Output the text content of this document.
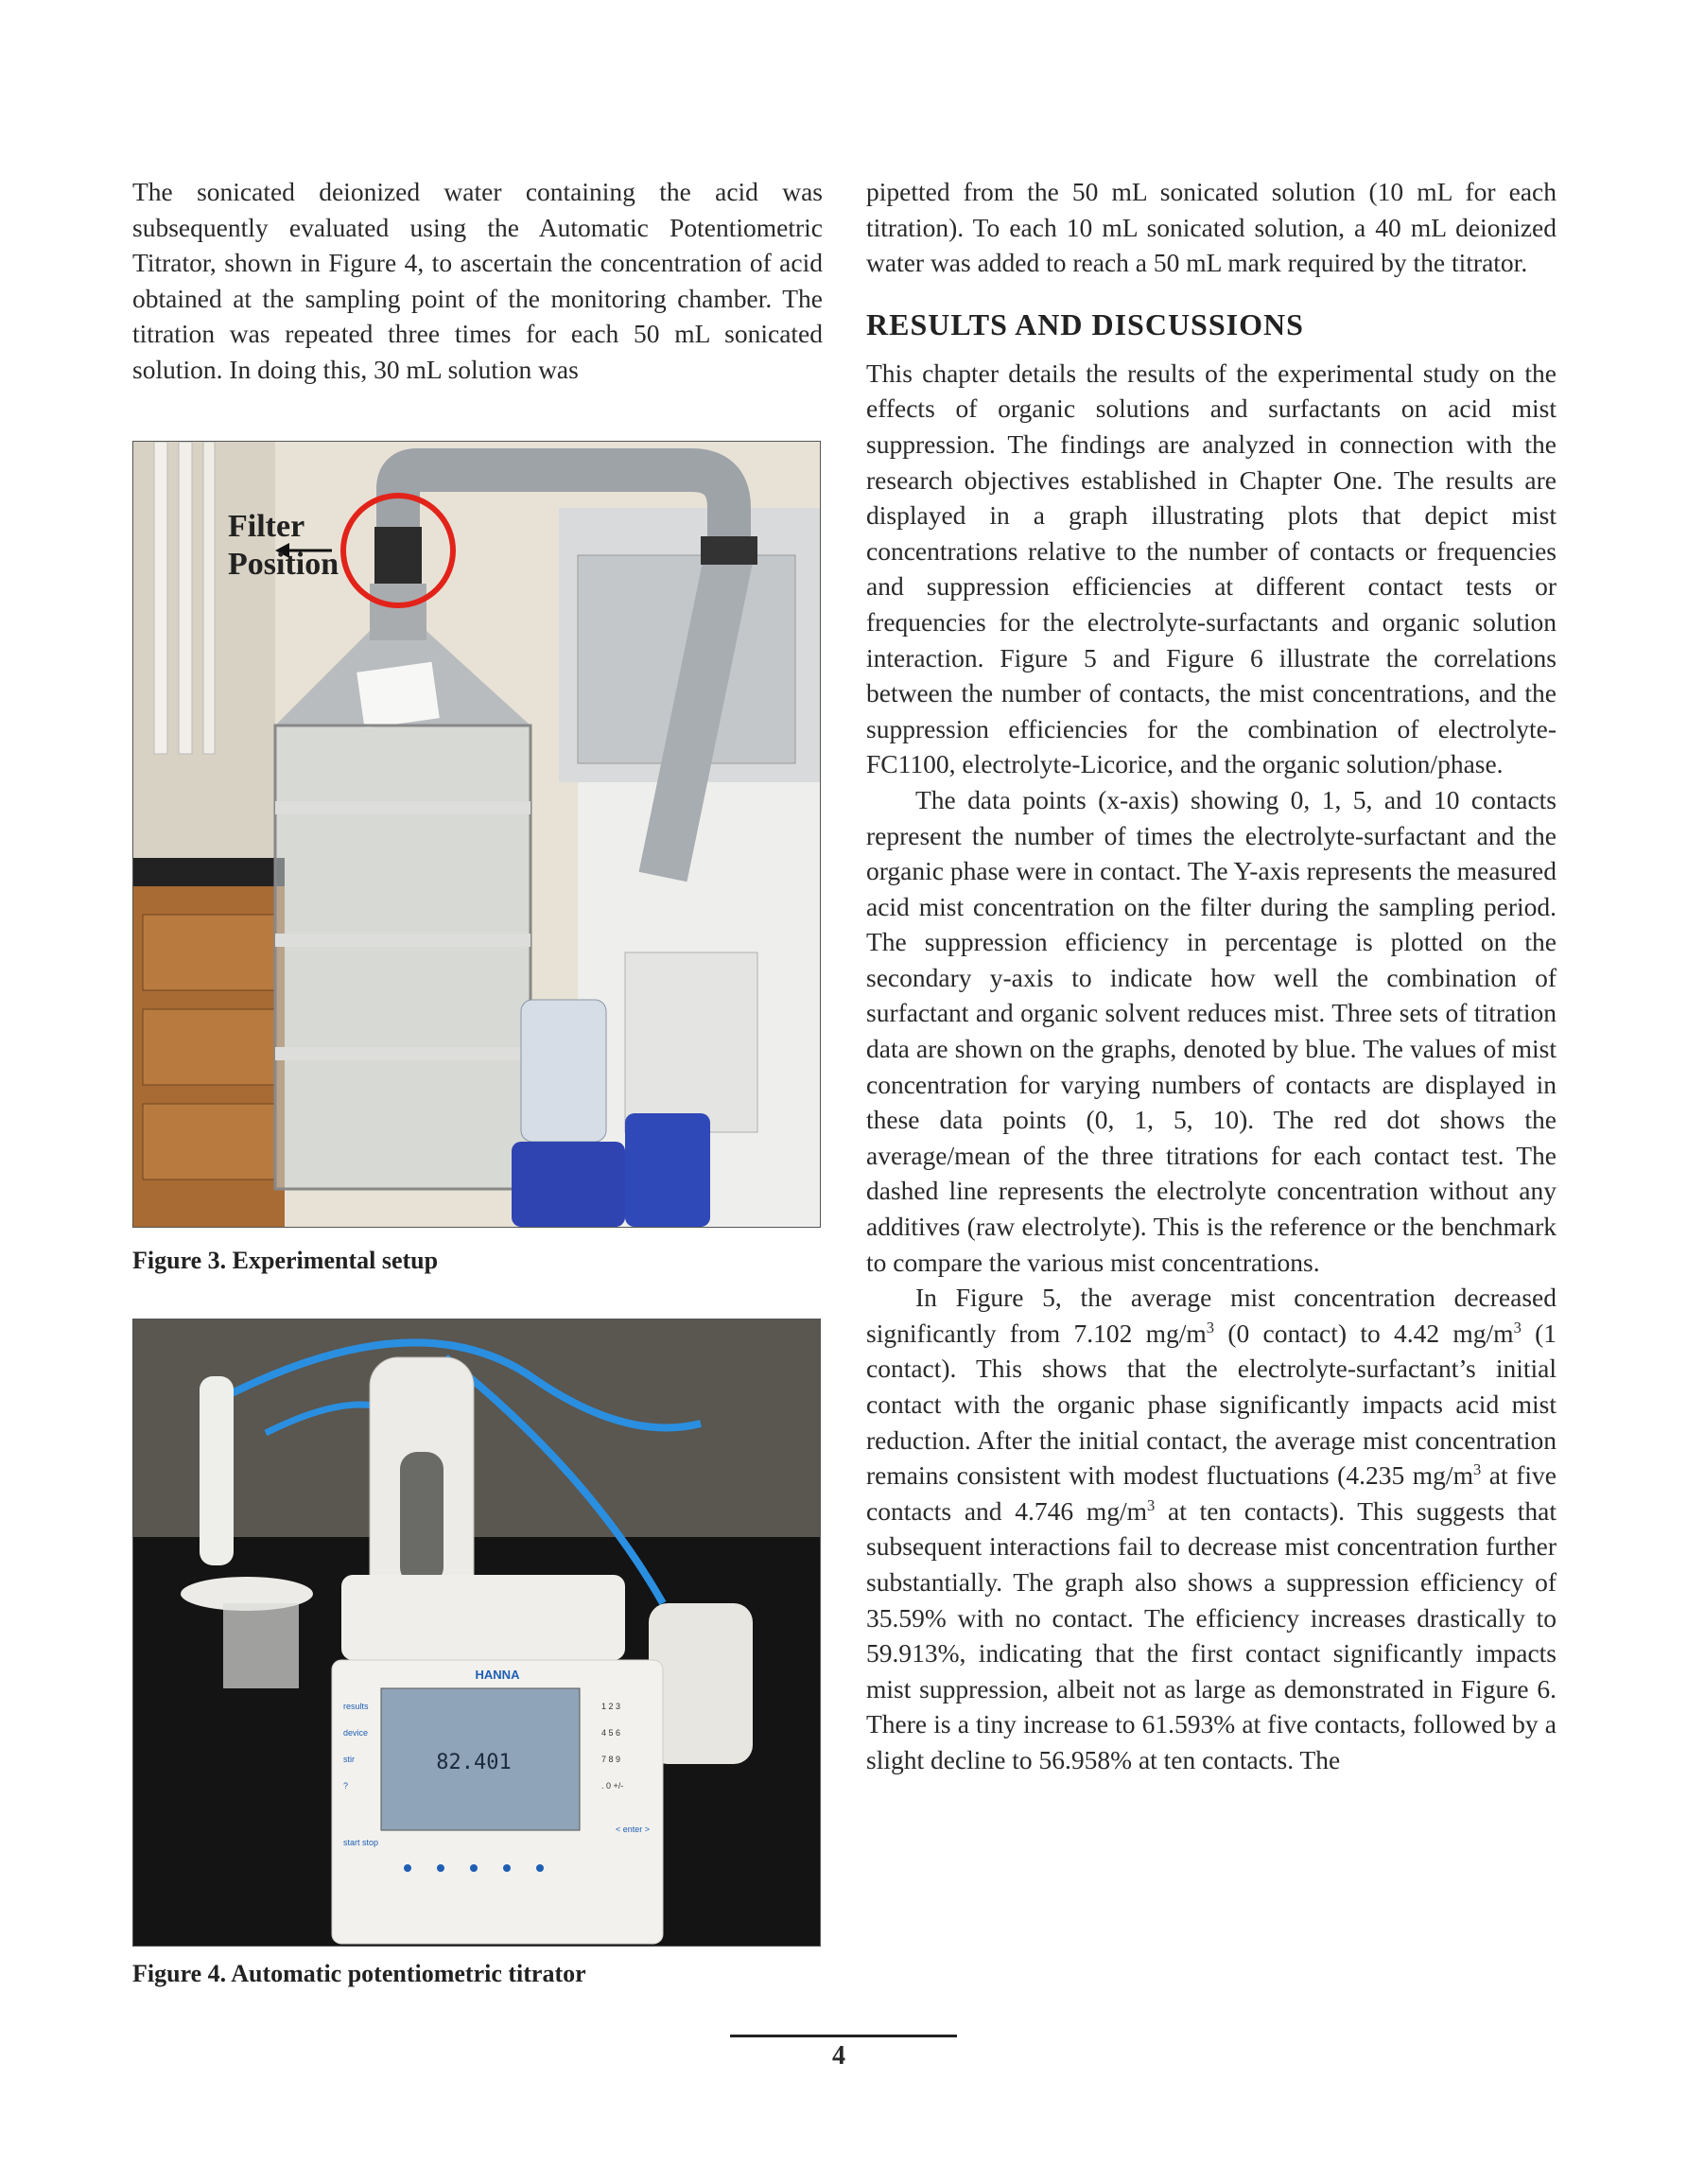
The sonicated deionized water containing the acid was subsequently evaluated using the Automatic Potentiometric Titrator, shown in Figure 4, to ascertain the concentration of acid obtained at the sampling point of the monitoring chamber. The titration was repeated three times for each 50 mL sonicated solution. In doing this, 30 mL solution was

Filter
Position
Figure 3. Experimental setup
HANNA
82.401
results
device
stir
?
start stop
< enter >
1 2 3
4 5 6
7 8 9
. 0 +/-
Figure 4. Automatic potentiometric titrator

pipetted from the 50 mL sonicated solution (10 mL for each titration). To each 10 mL sonicated solution, a 40 mL deionized water was added to reach a 50 mL mark required by the titrator.

RESULTS AND DISCUSSIONS

This chapter details the results of the experimental study on the effects of organic solutions and surfactants on acid mist suppression. The findings are analyzed in connection with the research objectives established in Chapter One. The results are displayed in a graph illustrating plots that depict mist concentrations relative to the number of contacts or frequencies and suppression efficiencies at different contact tests or frequencies for the electrolyte-surfactants and organic solution interaction. Figure 5 and Figure 6 illustrate the correlations between the number of contacts, the mist concentrations, and the suppression efficiencies for the combination of electrolyte-FC1100, electrolyte-Licorice, and the organic solution/phase.

The data points (x-axis) showing 0, 1, 5, and 10 contacts represent the number of times the electrolyte-surfactant and the organic phase were in contact. The Y-axis represents the measured acid mist concentration on the filter during the sampling period. The suppression efficiency in percentage is plotted on the secondary y-axis to indicate how well the combination of surfactant and organic solvent reduces mist. Three sets of titration data are shown on the graphs, denoted by blue. The values of mist concentration for varying numbers of contacts are displayed in these data points (0, 1, 5, 10). The red dot shows the average/mean of the three titrations for each contact test. The dashed line represents the electrolyte concentration without any additives (raw electrolyte). This is the reference or the benchmark to compare the various mist concentrations.

In Figure 5, the average mist concentration decreased significantly from 7.102 $mg/m^3$ (0 contact) to 4.42 $mg/m^3$ (1 contact). This shows that the electrolyte-surfactant’s initial contact with the organic phase significantly impacts acid mist reduction. After the initial contact, the average mist concentration remains consistent with modest fluctuations (4.235 $mg/m^3$ at five contacts and 4.746 $mg/m^3$ at ten contacts). This suggests that subsequent interactions fail to decrease mist concentration further substantially. The graph also shows a suppression efficiency of 35.59% with no contact. The efficiency increases drastically to 59.913%, indicating that the first contact significantly impacts mist suppression, albeit not as large as demonstrated in Figure 6. There is a tiny increase to 61.593% at five contacts, followed by a slight decline to 56.958% at ten contacts. The

4
